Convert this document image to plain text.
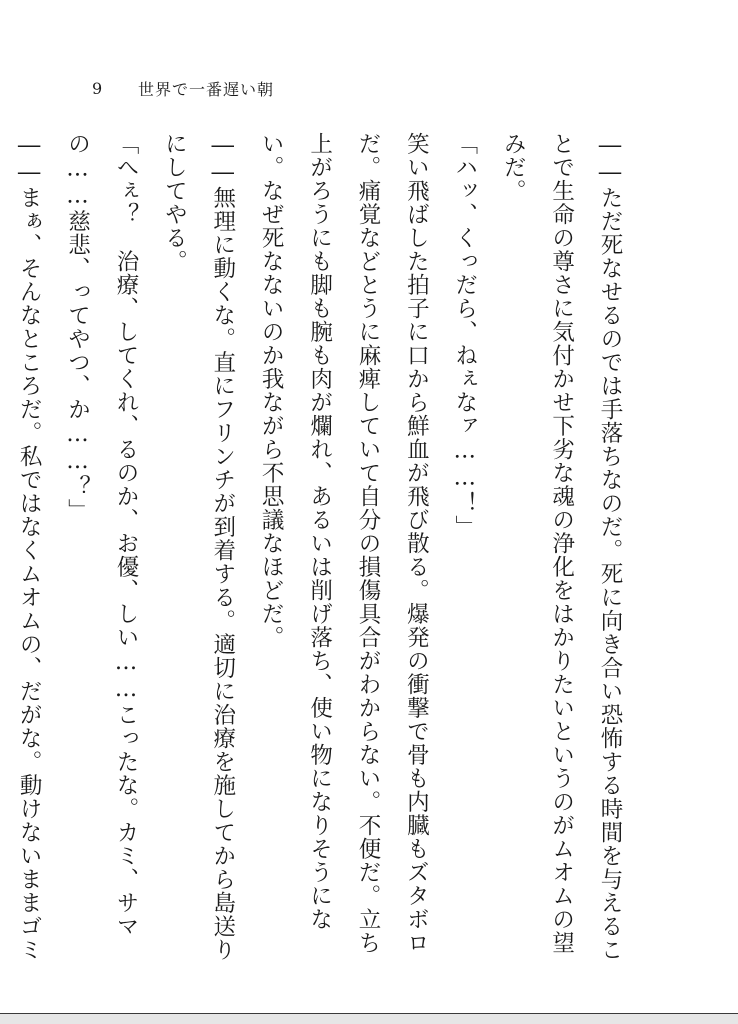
9	世界で一番遅い朝

――ただ死なせるのでは手落ちなのだ。死に向き合い恐怖する時間を与えることで生命の尊さに気付かせ下劣な魂の浄化をはかりたいというのがムオムの望みだ。

「ハッ、くっだら、ねぇなァ……！」

笑い飛ばした拍子に口から鮮血が飛び散る。爆発の衝撃で骨も内臓もズタボロだ。痛覚などとうに麻痺していて自分の損傷具合がわからない。不便だ。立ち上がろうにも脚も腕も肉が爛れ、あるいは削げ落ち、使い物になりそうにない。なぜ死なないのか我ながら不思議なほどだ。

――無理に動くな。直にフリンチが到着する。適切に治療を施してから島送りにしてやる。

「へぇ？　治療、してくれ、るのか、お優、しい……こったな。カミ、サマの……慈悲、ってやつ、か……？」

――まぁ、そんなところだ。私ではなくムオムの、だがな。動けないままゴミ
